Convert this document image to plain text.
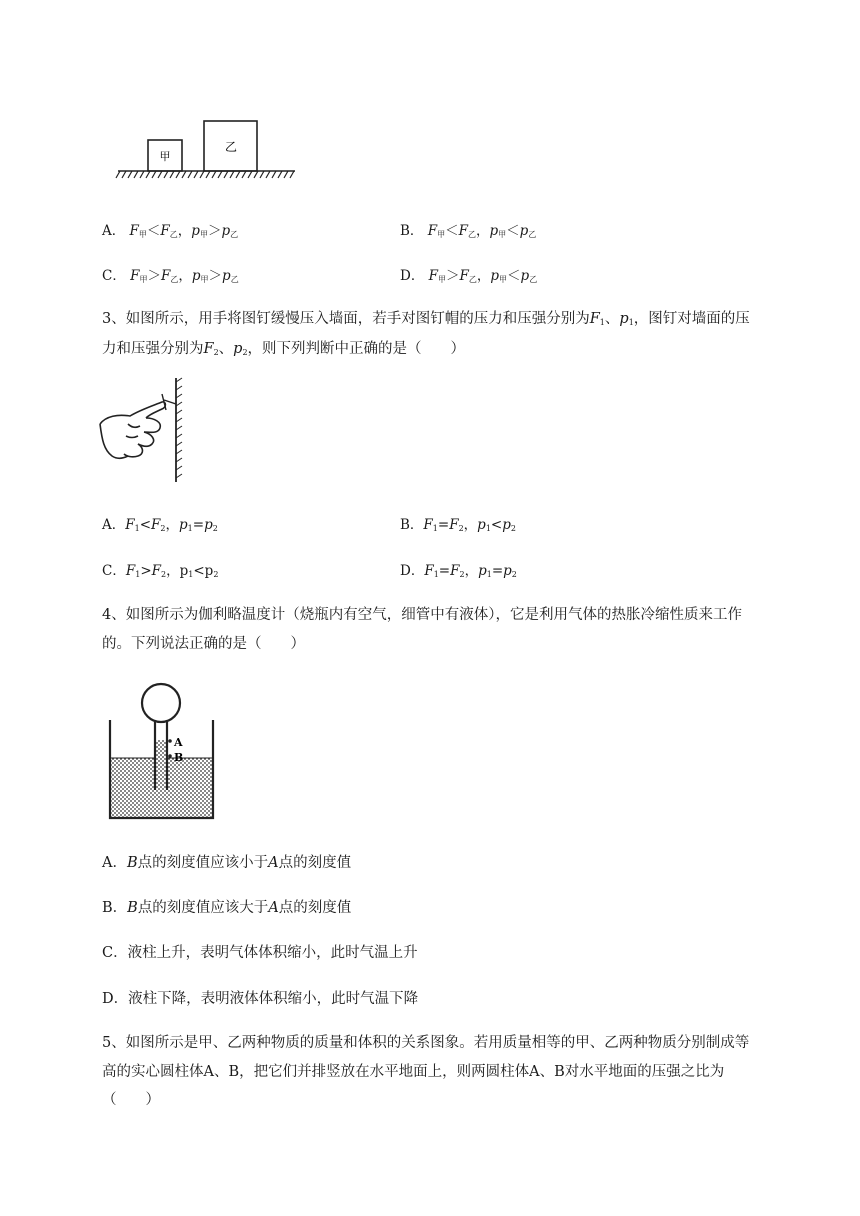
甲
乙
A． $F_甲<F_乙$，$p_甲>p_乙$	B． $F_甲<F_乙$，$p_甲<p_乙$
C． $F_甲>F_乙$，$p_甲>p_乙$	D． $F_甲>F_乙$，$p_甲<p_乙$
3、如图所示，用手将图钉缓慢压入墙面，若手对图钉帽的压力和压强分别为$F_1$、$p_1$，图钉对墙面的压
力和压强分别为$F_2$、$p_2$，则下列判断中正确的是（　　）
A．$F_1<F_2$，$p_1=p_2$	B．$F_1=F_2$，$p_1<p_2$
C．$F_1>F_2$，$p_1<p_2$	D．$F_1=F_2$，$p_1=p_2$
4、如图所示为伽利略温度计（烧瓶内有空气，细管中有液体），它是利用气体的热胀冷缩性质来工作
的。下列说法正确的是（　　）
A
B
A．B点的刻度值应该小于A点的刻度值
B．B点的刻度值应该大于A点的刻度值
C．液柱上升，表明气体体积缩小，此时气温上升
D．液柱下降，表明液体体积缩小，此时气温下降
5、如图所示是甲、乙两种物质的质量和体积的关系图象。若用质量相等的甲、乙两种物质分别制成等
高的实心圆柱体A、B，把它们并排竖放在水平地面上，则两圆柱体A、B对水平地面的压强之比为
（　　）
